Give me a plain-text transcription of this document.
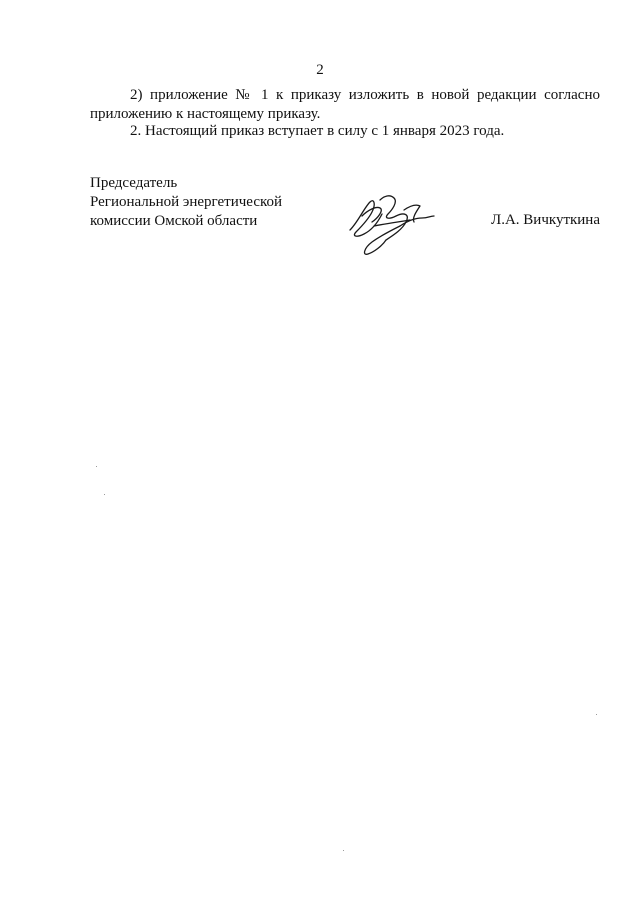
2
2) приложение № 1 к приказу изложить в новой редакции согласно приложению к настоящему приказу.
2. Настоящий приказ вступает в силу с 1 января 2023 года.
Председатель
Региональной энергетической
комиссии Омской области	Л.А. Вичкуткина
